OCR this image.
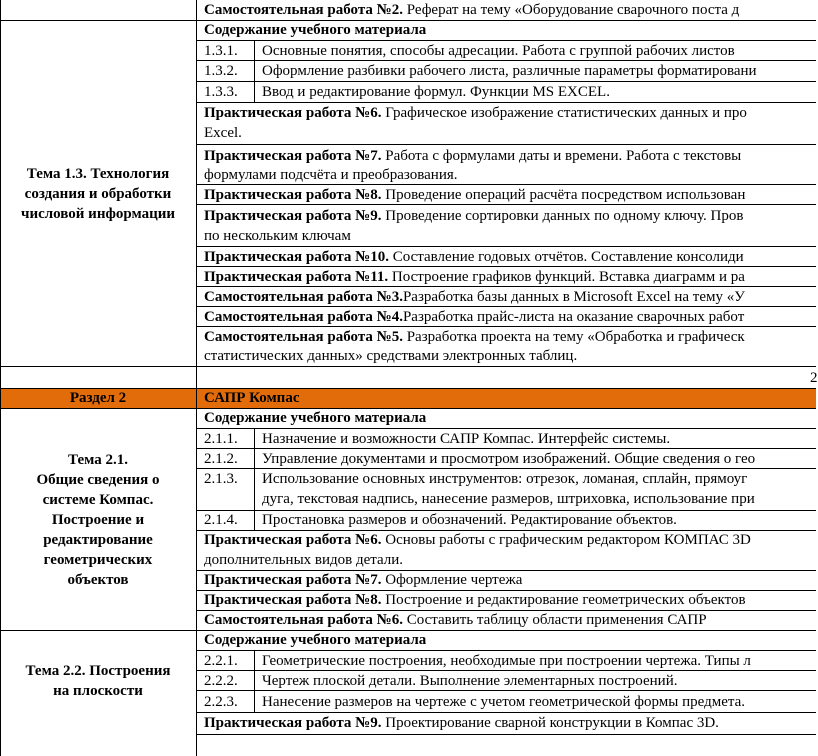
Тема 1.3. Технология
создания и обработки
числовой информации
Самостоятельная работа №2. Реферат на тему «Оборудование сварочного поста д
Содержание учебного материала
1.3.1. Основные понятия, способы адресации. Работа с группой рабочих листов
1.3.2. Оформление разбивки рабочего листа, различные параметры форматировани
1.3.3. Ввод и редактирование формул. Функции MS EXCEL.
Практическая работа №6. Графическое изображение статистических данных и про
Excel.
Практическая работа №7. Работа с формулами даты и времени. Работа с текстовы
формулами подсчёта и преобразования.
Практическая работа №8. Проведение операций расчёта посредством использован
Практическая работа №9. Проведение сортировки данных по одному ключу. Пров
по нескольким ключам
Практическая работа №10. Составление годовых отчётов. Составление консолиди
Практическая работа №11. Построение графиков функций. Вставка диаграмм и ра
Самостоятельная работа №3.Разработка базы данных в Microsoft Excel на тему «У
Самостоятельная работа №4.Разработка прайс-листа на оказание сварочных работ
Самостоятельная работа №5. Разработка проекта на тему «Обработка и графическ
статистических данных» средствами электронных таблиц.
2
Раздел 2	САПР Компас
Тема 2.1.
Общие сведения о
системе Компас.
Построение и
редактирование
геометрических
объектов
Содержание учебного материала
2.1.1. Назначение и возможности САПР Компас. Интерфейс системы.
2.1.2. Управление документами и просмотром изображений. Общие сведения о гео
2.1.3. Использование основных инструментов: отрезок, ломаная, сплайн, прямоуг
дуга, текстовая надпись, нанесение размеров, штриховка, использование при
2.1.4. Простановка размеров и обозначений. Редактирование объектов.
Практическая работа №6. Основы работы с графическим редактором КОМПАС 3D
дополнительных видов детали.
Практическая работа №7. Оформление чертежа
Практическая работа №8. Построение и редактирование геометрических объектов
Самостоятельная работа №6. Составить таблицу области применения САПР
Тема 2.2. Построения
на плоскости
Содержание учебного материала
2.2.1. Геометрические построения, необходимые при построении чертежа. Типы л
2.2.2. Чертеж плоской детали. Выполнение элементарных построений.
2.2.3. Нанесение размеров на чертеже с учетом геометрической формы предмета.
Практическая работа №9. Проектирование сварной конструкции в Компас 3D.
